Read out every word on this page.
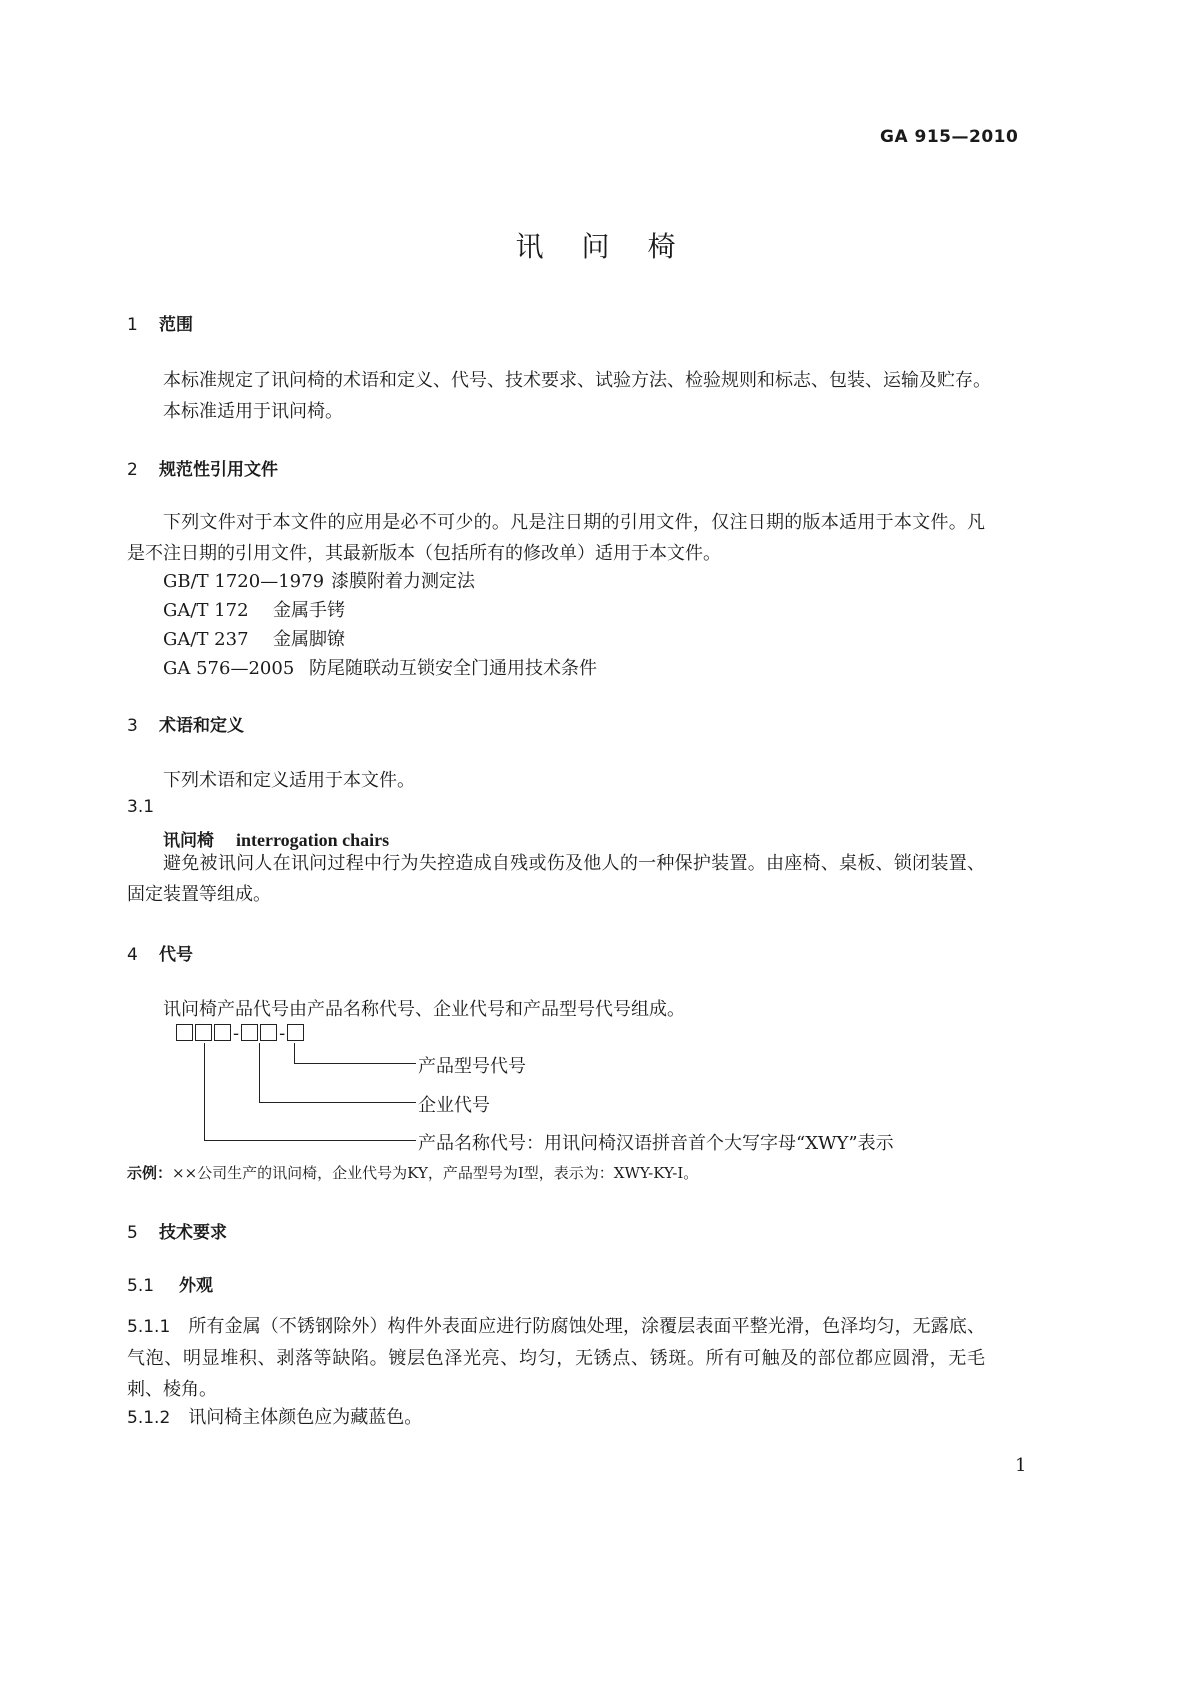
GA 915—2010
讯问椅
1 范围
本标准规定了讯问椅的术语和定义、代号、技术要求、试验方法、检验规则和标志、包装、运输及贮存。
本标准适用于讯问椅。
2 规范性引用文件
下列文件对于本文件的应用是必不可少的。凡是注日期的引用文件，仅注日期的版本适用于本文件。凡是不注日期的引用文件，其最新版本（包括所有的修改单）适用于本文件。
GB/T 1720—1979 漆膜附着力测定法
GA/T 172 金属手铐
GA/T 237 金属脚镣
GA 576—2005 防尾随联动互锁安全门通用技术条件
3 术语和定义
下列术语和定义适用于本文件。
3.1
讯问椅 interrogation chairs
避免被讯问人在讯问过程中行为失控造成自残或伤及他人的一种保护装置。由座椅、桌板、锁闭装置、固定装置等组成。
4 代号
讯问椅产品代号由产品名称代号、企业代号和产品型号代号组成。
- -
产品型号代号
企业代号
产品名称代号：用讯问椅汉语拼音首个大写字母“XWY”表示
示例：××公司生产的讯问椅，企业代号为KY，产品型号为Ⅰ型，表示为：XWY-KY-Ⅰ。
5 技术要求
5.1 外观
5.1.1 所有金属（不锈钢除外）构件外表面应进行防腐蚀处理，涂覆层表面平整光滑，色泽均匀，无露底、气泡、明显堆积、剥落等缺陷。镀层色泽光亮、均匀，无锈点、锈斑。所有可触及的部位都应圆滑，无毛刺、棱角。
5.1.2 讯问椅主体颜色应为藏蓝色。
1
